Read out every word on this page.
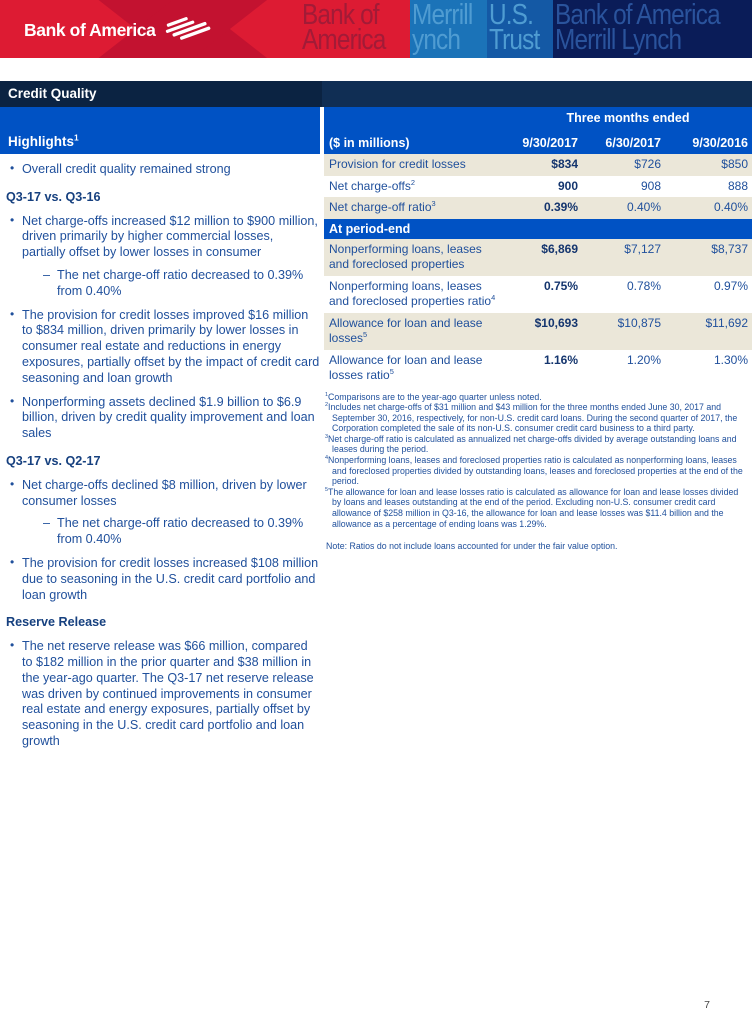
Bank of
America
Bank of America	Merrill
ynch
U.S.
Trust
Bank of America
Merrill Lynch
Credit Quality
Highlights$^1$
• Overall credit quality remained strong
Q3-17 vs. Q3-16
• Net charge-offs increased $12 million to $900 million, driven primarily by higher commercial losses, partially offset by lower losses in consumer
– The net charge-off ratio decreased to 0.39% from 0.40%
• The provision for credit losses improved $16 million to $834 million, driven primarily by lower losses in consumer real estate and reductions in energy exposures, partially offset by the impact of credit card seasoning and loan growth
• Nonperforming assets declined $1.9 billion to $6.9 billion, driven by credit quality improvement and loan sales
Q3-17 vs. Q2-17
• Net charge-offs declined $8 million, driven by lower consumer losses
– The net charge-off ratio decreased to 0.39% from 0.40%
• The provision for credit losses increased $108 million due to seasoning in the U.S. credit card portfolio and loan growth
Reserve Release
• The net reserve release was $66 million, compared to $182 million in the prior quarter and $38 million in the year-ago quarter. The Q3-17 net reserve release was driven by continued improvements in consumer real estate and energy exposures, partially offset by seasoning in the U.S. credit card portfolio and loan growth
Three months ended
($ in millions)	9/30/2017	6/30/2017	9/30/2016
Provision for credit losses	$834	$726	$850
Net charge-offs$^2$	900	908	888
Net charge-off ratio$^3$	0.39%	0.40%	0.40%
At period-end
Nonperforming loans, leases and foreclosed properties
$6,869	$7,127	$8,737
Nonperforming loans, leases and foreclosed properties ratio$^4$
0.75%	0.78%	0.97%
Allowance for loan and lease losses$^5$
$10,693	$10,875	$11,692
Allowance for loan and lease losses ratio$^5$
1.16%	1.20%	1.30%
$^1$Comparisons are to the year-ago quarter unless noted.
$^2$Includes net charge-offs of $31 million and $43 million for the three months ended June 30, 2017 and September 30, 2016, respectively, for non-U.S. credit card loans. During the second quarter of 2017, the Corporation completed the sale of its non-U.S. consumer credit card business to a third party.
$^3$Net charge-off ratio is calculated as annualized net charge-offs divided by average outstanding loans and leases during the period.
$^4$Nonperforming loans, leases and foreclosed properties ratio is calculated as nonperforming loans, leases and foreclosed properties divided by outstanding loans, leases and foreclosed properties at the end of the period.
$^5$The allowance for loan and lease losses ratio is calculated as allowance for loan and lease losses divided by loans and leases outstanding at the end of the period. Excluding non-U.S. consumer credit card allowance of $258 million in Q3-16, the allowance for loan and lease losses was $11.4 billion and the allowance as a percentage of ending loans was 1.29%.
Note: Ratios do not include loans accounted for under the fair value option.
7
